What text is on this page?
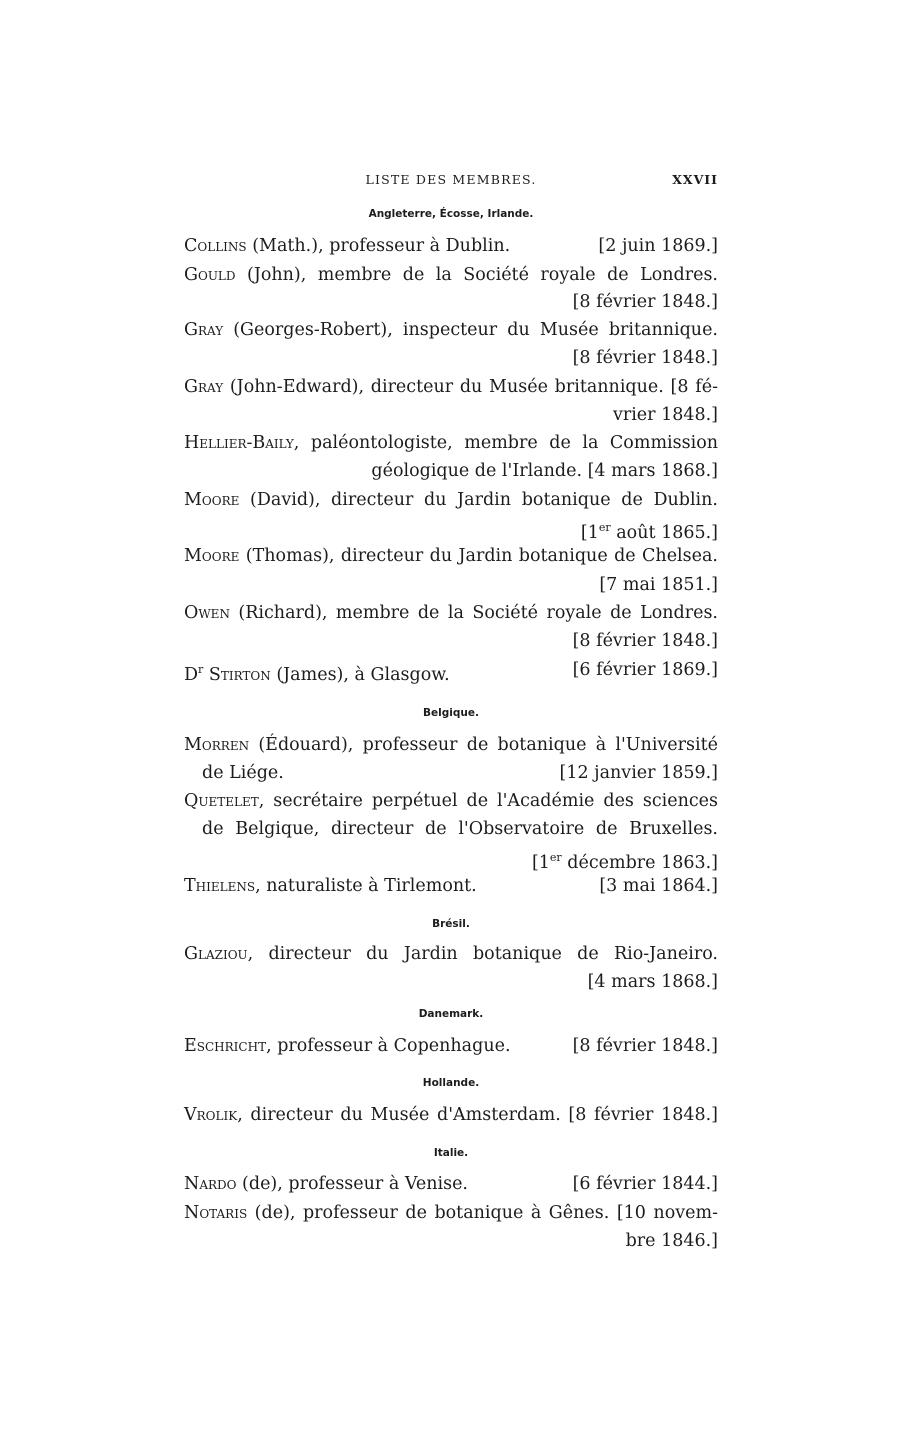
LISTE DES MEMBRES.	XXVII
Angleterre, Écosse, Irlande.
Collins (Math.), professeur à Dublin.	[2 juin 1869.]
Gould (John), membre de la Société royale de Londres.
[8 février 1848.]
Gray (Georges-Robert), inspecteur du Musée britannique.
[8 février 1848.]
Gray (John-Edward), directeur du Musée britannique. [8 fé-
vrier 1848.]
Hellier-Baily, paléontologiste, membre de la Commission
géologique de l'Irlande. [4 mars 1868.]
Moore (David), directeur du Jardin botanique de Dublin.
[1er août 1865.]
Moore (Thomas), directeur du Jardin botanique de Chelsea.
[7 mai 1851.]
Owen (Richard), membre de la Société royale de Londres.
[8 février 1848.]
$D^r$ Stirton (James), à Glasgow.	[6 février 1869.]
Belgique.
Morren (Édouard), professeur de botanique à l'Université
de Liége.	[12 janvier 1859.]
Quetelet, secrétaire perpétuel de l'Académie des sciences
de Belgique, directeur de l'Observatoire de Bruxelles.
[1er décembre 1863.]
Thielens, naturaliste à Tirlemont.	[3 mai 1864.]
Brésil.
Glaziou, directeur du Jardin botanique de Rio-Janeiro.
[4 mars 1868.]
Danemark.
Eschricht, professeur à Copenhague.	[8 février 1848.]
Hollande.
Vrolik, directeur du Musée d'Amsterdam. [8 février 1848.]
Italie.
Nardo (de), professeur à Venise.	[6 février 1844.]
Notaris (de), professeur de botanique à Gênes. [10 novem-
bre 1846.]
